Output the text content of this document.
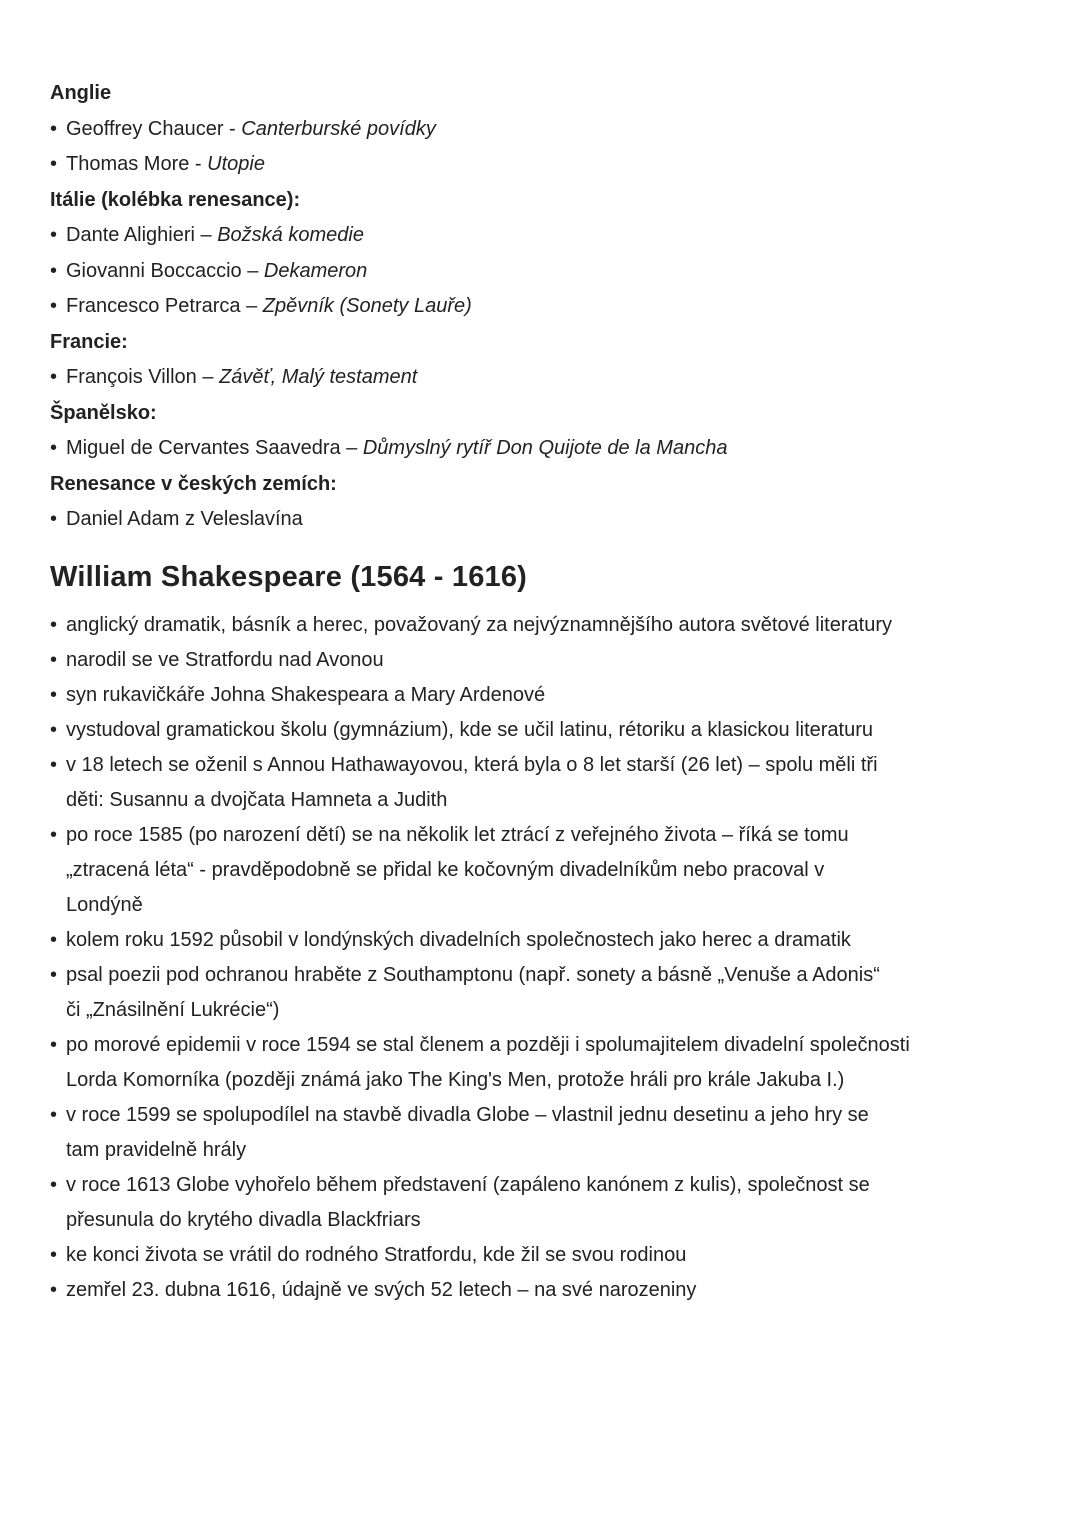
Anglie

• Geoffrey Chaucer - Canterburské povídky
• Thomas More - Utopie

Itálie (kolébka renesance):

• Dante Alighieri – Božská komedie
• Giovanni Boccaccio – Dekameron
• Francesco Petrarca – Zpěvník (Sonety Lauře)

Francie:

• François Villon – Závěť, Malý testament

Španělsko:

• Miguel de Cervantes Saavedra – Důmyslný rytíř Don Quijote de la Mancha

Renesance v českých zemích:

• Daniel Adam z Veleslavína
William Shakespeare (1564 - 1616)
• anglický dramatik, básník a herec, považovaný za nejvýznamnějšího autora světové literatury
• narodil se ve Stratfordu nad Avonou
• syn rukavičkáře Johna Shakespeara a Mary Ardenové
• vystudoval gramatickou školu (gymnázium), kde se učil latinu, rétoriku a klasickou literaturu
• v 18 letech se oženil s Annou Hathawayovou, která byla o 8 let starší (26 let) – spolu měli tři
děti: Susannu a dvojčata Hamneta a Judith
• po roce 1585 (po narození dětí) se na několik let ztrácí z veřejného života – říká se tomu
„ztracená léta“ - pravděpodobně se přidal ke kočovným divadelníkům nebo pracoval v
Londýně
• kolem roku 1592 působil v londýnských divadelních společnostech jako herec a dramatik
• psal poezii pod ochranou hraběte z Southamptonu (např. sonety a básně „Venuše a Adonis“
či „Znásilnění Lukrécie“)
• po morové epidemii v roce 1594 se stal členem a později i spolumajitelem divadelní společnosti
Lorda Komorníka (později známá jako The King's Men, protože hráli pro krále Jakuba I.)
• v roce 1599 se spolupodílel na stavbě divadla Globe – vlastnil jednu desetinu a jeho hry se
tam pravidelně hrály
• v roce 1613 Globe vyhořelo během představení (zapáleno kanónem z kulis), společnost se
přesunula do krytého divadla Blackfriars
• ke konci života se vrátil do rodného Stratfordu, kde žil se svou rodinou
• zemřel 23. dubna 1616, údajně ve svých 52 letech – na své narozeniny
